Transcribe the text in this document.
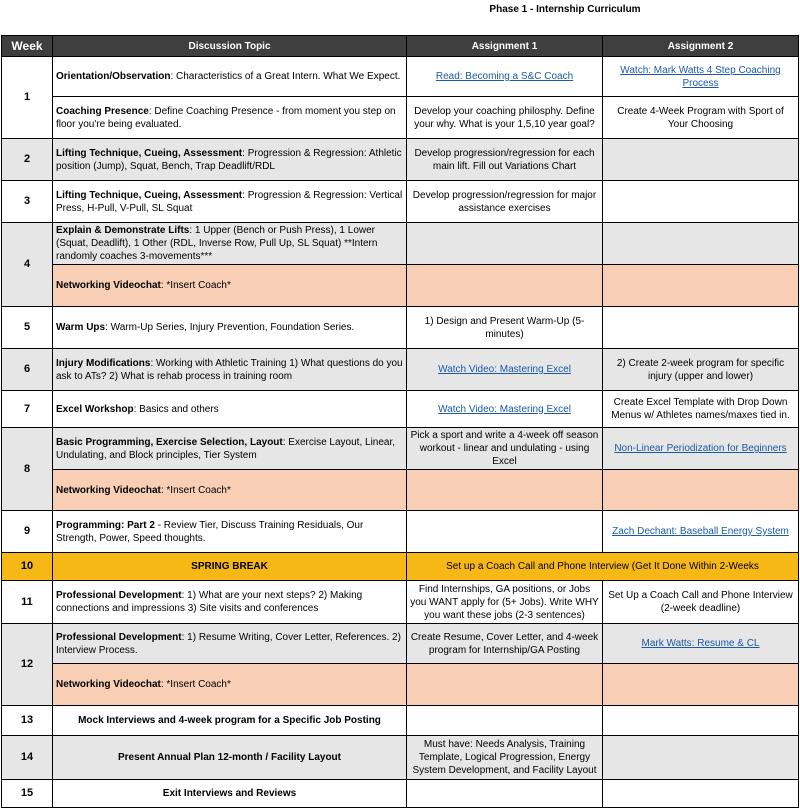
Phase 1 - Internship Curriculum
Week	Discussion Topic	Assignment 1	Assignment 2
1	Orientation/Observation: Characteristics of a Great Intern. What We Expect.	Read: Becoming a S&C Coach	Watch: Mark Watts 4 Step Coaching Process
	Coaching Presence: Define Coaching Presence - from moment you step on floor you're being evaluated.	Develop your coaching philosphy. Define your why. What is your 1,5,10 year goal?	Create 4-Week Program with Sport of Your Choosing
2	Lifting Technique, Cueing, Assessment: Progression & Regression: Athletic position (Jump), Squat, Bench, Trap Deadlift/RDL	Develop progression/regression for each main lift. Fill out Variations Chart	
3	Lifting Technique, Cueing, Assessment: Progression & Regression: Vertical Press, H-Pull, V-Pull, SL Squat	Develop progression/regression for major assistance exercises	
4	Explain & Demonstrate Lifts: 1 Upper (Bench or Push Press), 1 Lower (Squat, Deadlift), 1 Other (RDL, Inverse Row, Pull Up, SL Squat) **Intern randomly coaches 3-movements***		
	Networking Videochat: *Insert Coach*		
5	Warm Ups: Warm-Up Series, Injury Prevention, Foundation Series.	1) Design and Present Warm-Up (5-minutes)	
6	Injury Modifications: Working with Athletic Training 1) What questions do you ask to ATs? 2) What is rehab process in training room	Watch Video: Mastering Excel	2) Create 2-week program for specific injury (upper and lower)
7	Excel Workshop: Basics and others	Watch Video: Mastering Excel	Create Excel Template with Drop Down Menus w/ Athletes names/maxes tied in.
8	Basic Programming, Exercise Selection, Layout: Exercise Layout, Linear, Undulating, and Block principles, Tier System	Pick a sport and write a 4-week off season workout - linear and undulating - using Excel	Non-Linear Periodization for Beginners
	Networking Videochat: *Insert Coach*		
9	Programming: Part 2 - Review Tier, Discuss Training Residuals, Our Strength, Power, Speed thoughts.		Zach Dechant: Baseball Energy System
10	SPRING BREAK	Set up a Coach Call and Phone Interview (Get It Done Within 2-Weeks	
11	Professional Development: 1) What are your next steps? 2) Making connections and impressions 3) Site visits and conferences	Find Internships, GA positions, or Jobs you WANT apply for (5+ Jobs). Write WHY you want these jobs (2-3 sentences)	Set Up a Coach Call and Phone Interview (2-week deadline)
12	Professional Development: 1) Resume Writing, Cover Letter, References. 2) Interview Process.	Create Resume, Cover Letter, and 4-week program for Internship/GA Posting	Mark Watts: Resume & CL
	Networking Videochat: *Insert Coach*		
13	Mock Interviews and 4-week program for a Specific Job Posting		
14	Present Annual Plan 12-month / Facility Layout	Must have: Needs Analysis, Training Template, Logical Progression, Energy System Development, and Facility Layout	
15	Exit Interviews and Reviews		
